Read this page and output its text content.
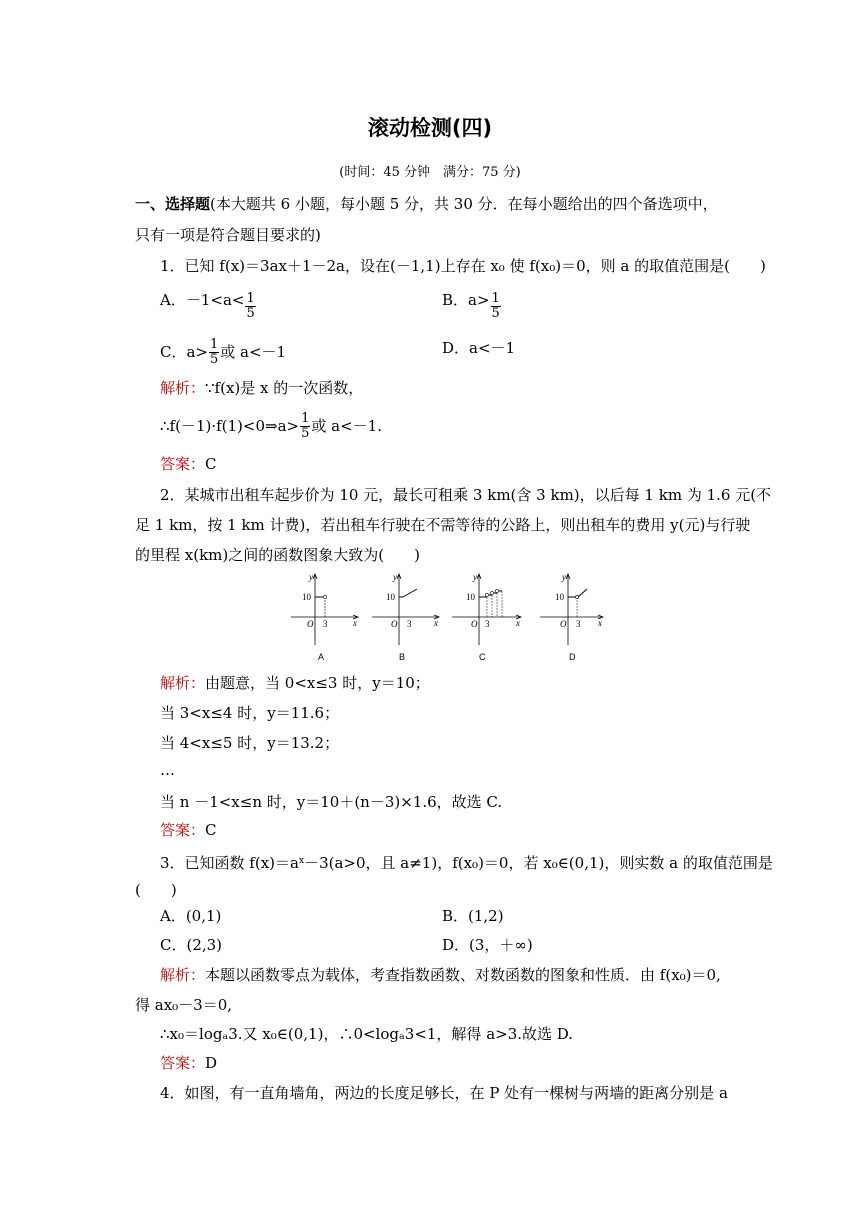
滚动检测(四)
(时间：45 分钟　满分：75 分)
一、选择题(本大题共 6 小题，每小题 5 分，共 30 分．在每小题给出的四个备选项中，
只有一项是符合题目要求的)
1．已知 f(x)＝3ax＋1－2a，设在(－1,1)上存在 x₀ 使 f(x₀)＝0，则 a 的取值范围是(　　)
A．$-1<a< \frac{1}{5}$	B．$a> \frac{1}{5}$
C．$a> \frac{1}{5}$ 或 a<－1	D．a<－1
解析：∵f(x)是 x 的一次函数，
∴f(－1)·f(1)<0⇒a> $\frac{1}{5}$ 或 a<－1.
答案：C
2．某城市出租车起步价为 10 元，最长可租乘 3 km(含 3 km)，以后每 1 km 为 1.6 元(不
足 1 km，按 1 km 计费)，若出租车行驶在不需等待的公路上，则出租车的费用 y(元)与行驶
的里程 x(km)之间的函数图象大致为(　　)
y
10
O 3	x
A
y
10
O 3	x
B
y
10
O 3	x
C
y
10
O 3 x
D
解析：由题意，当 0<x≤3 时，y＝10；
当 3<x≤4 时，y＝11.6；
当 4<x≤5 时，y＝13.2；
…
当 n －1<x≤n 时，y＝10＋(n－3)×1.6，故选 C.
答案：C
3．已知函数 $f(x)=a^x-3(a>0$，且 a≠1)，f(x₀)＝0，若 x₀∈(0,1)，则实数 a 的取值范围是
(　　)
A．(0,1)	B．(1,2)
C．(2,3)	D．(3，＋∞)
解析：本题以函数零点为载体，考查指数函数、对数函数的图象和性质．由 f(x₀)＝0,
得 ax₀－3＝0,
∴x₀＝logₐ3.又 x₀∈(0,1)，∴0<logₐ3<1，解得 a>3.故选 D.
答案：D
4．如图，有一直角墙角，两边的长度足够长，在 P 处有一棵树与两墙的距离分别是 a
